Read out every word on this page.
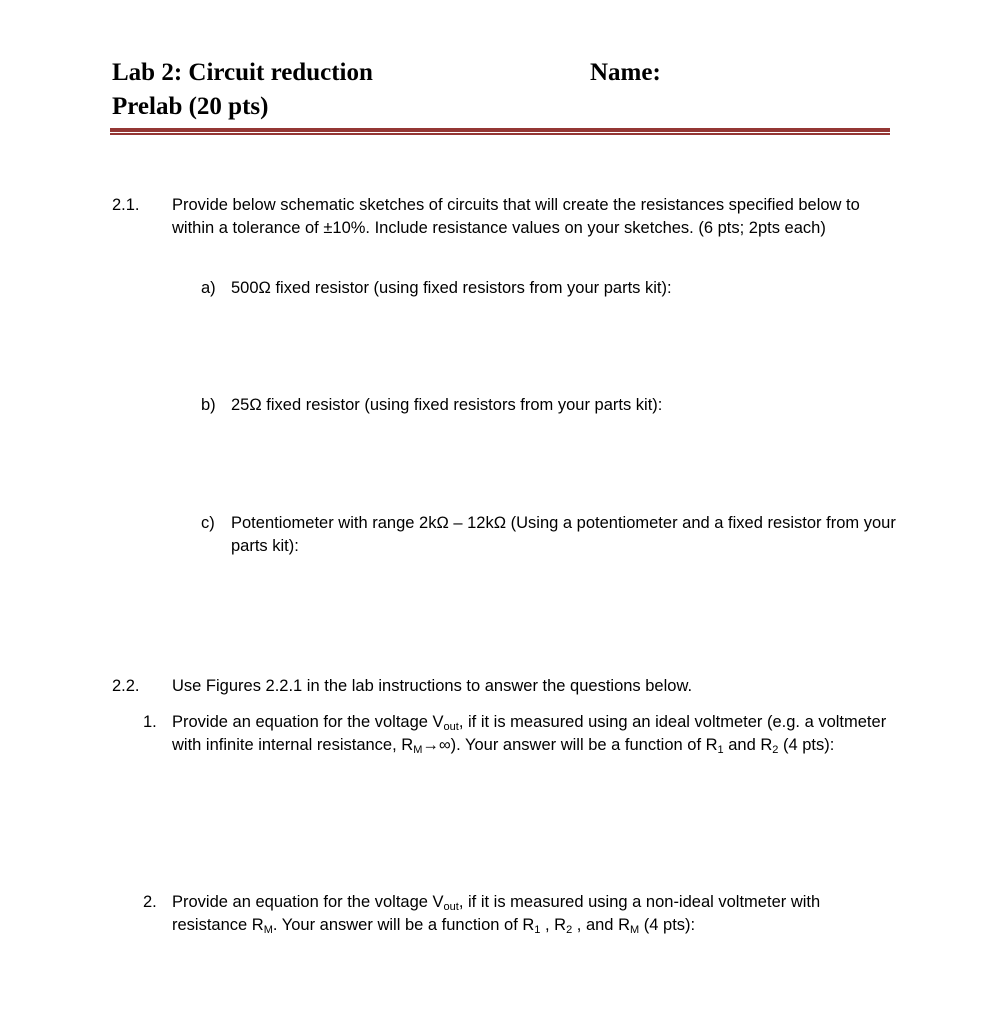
Lab 2: Circuit reduction
Prelab (20 pts)
Name:
2.1. Provide below schematic sketches of circuits that will create the resistances specified below to within a tolerance of ±10%. Include resistance values on your sketches. (6 pts; 2pts each)
a) 500Ω fixed resistor (using fixed resistors from your parts kit):
b) 25Ω fixed resistor (using fixed resistors from your parts kit):
c) Potentiometer with range 2kΩ – 12kΩ (Using a potentiometer and a fixed resistor from your parts kit):
2.2. Use Figures 2.2.1 in the lab instructions to answer the questions below.
1. Provide an equation for the voltage $V_{out}$, if it is measured using an ideal voltmeter (e.g. a voltmeter with infinite internal resistance, $R_M\to\infty$). Your answer will be a function of $R_1$ and $R_2$ (4 pts):
2. Provide an equation for the voltage $V_{out}$, if it is measured using a non-ideal voltmeter with resistance $R_M$. Your answer will be a function of $R_1$ , $R_2$ , and $R_M$ (4 pts):
